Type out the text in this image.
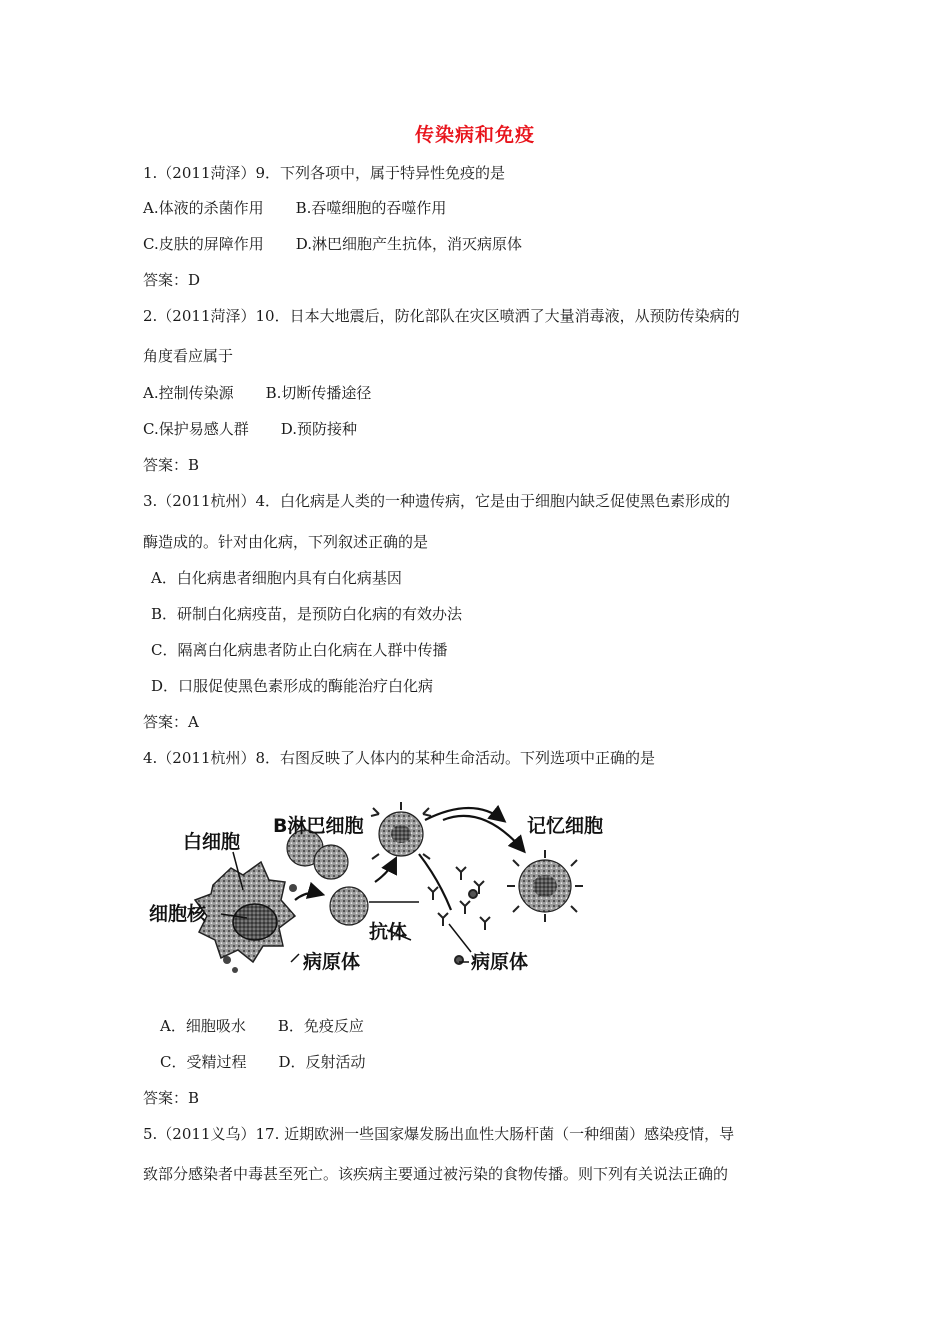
传染病和免疫
1.（2011菏泽）9．下列各项中，属于特异性免疫的是
A.体液的杀菌作用 B.吞噬细胞的吞噬作用
C.皮肤的屏障作用 D.淋巴细胞产生抗体，消灭病原体
答案：D
2.（2011菏泽）10．日本大地震后，防化部队在灾区喷洒了大量消毒液，从预防传染病的
角度看应属于
A.控制传染源 B.切断传播途径
C.保护易感人群 D.预防接种
答案：B
3.（2011杭州）4．白化病是人类的一种遗传病，它是由于细胞内缺乏促使黑色素形成的
酶造成的。针对由化病，下列叙述正确的是
A．白化病患者细胞内具有白化病基因
B．研制白化病疫苗，是预防白化病的有效办法
C．隔离白化病患者防止白化病在人群中传播
D．口服促使黑色素形成的酶能治疗白化病
答案：A
4.（2011杭州）8．右图反映了人体内的某种生命活动。下列选项中正确的是
白细胞
B淋巴细胞	记忆细胞
细胞核
抗体
病原体	病原体
A．细胞吸水 B．免疫反应
C．受精过程 D．反射活动
答案：B
5.（2011义乌）17. 近期欧洲一些国家爆发肠出血性大肠杆菌（一种细菌）感染疫情，导
致部分感染者中毒甚至死亡。该疾病主要通过被污染的食物传播。则下列有关说法正确的
